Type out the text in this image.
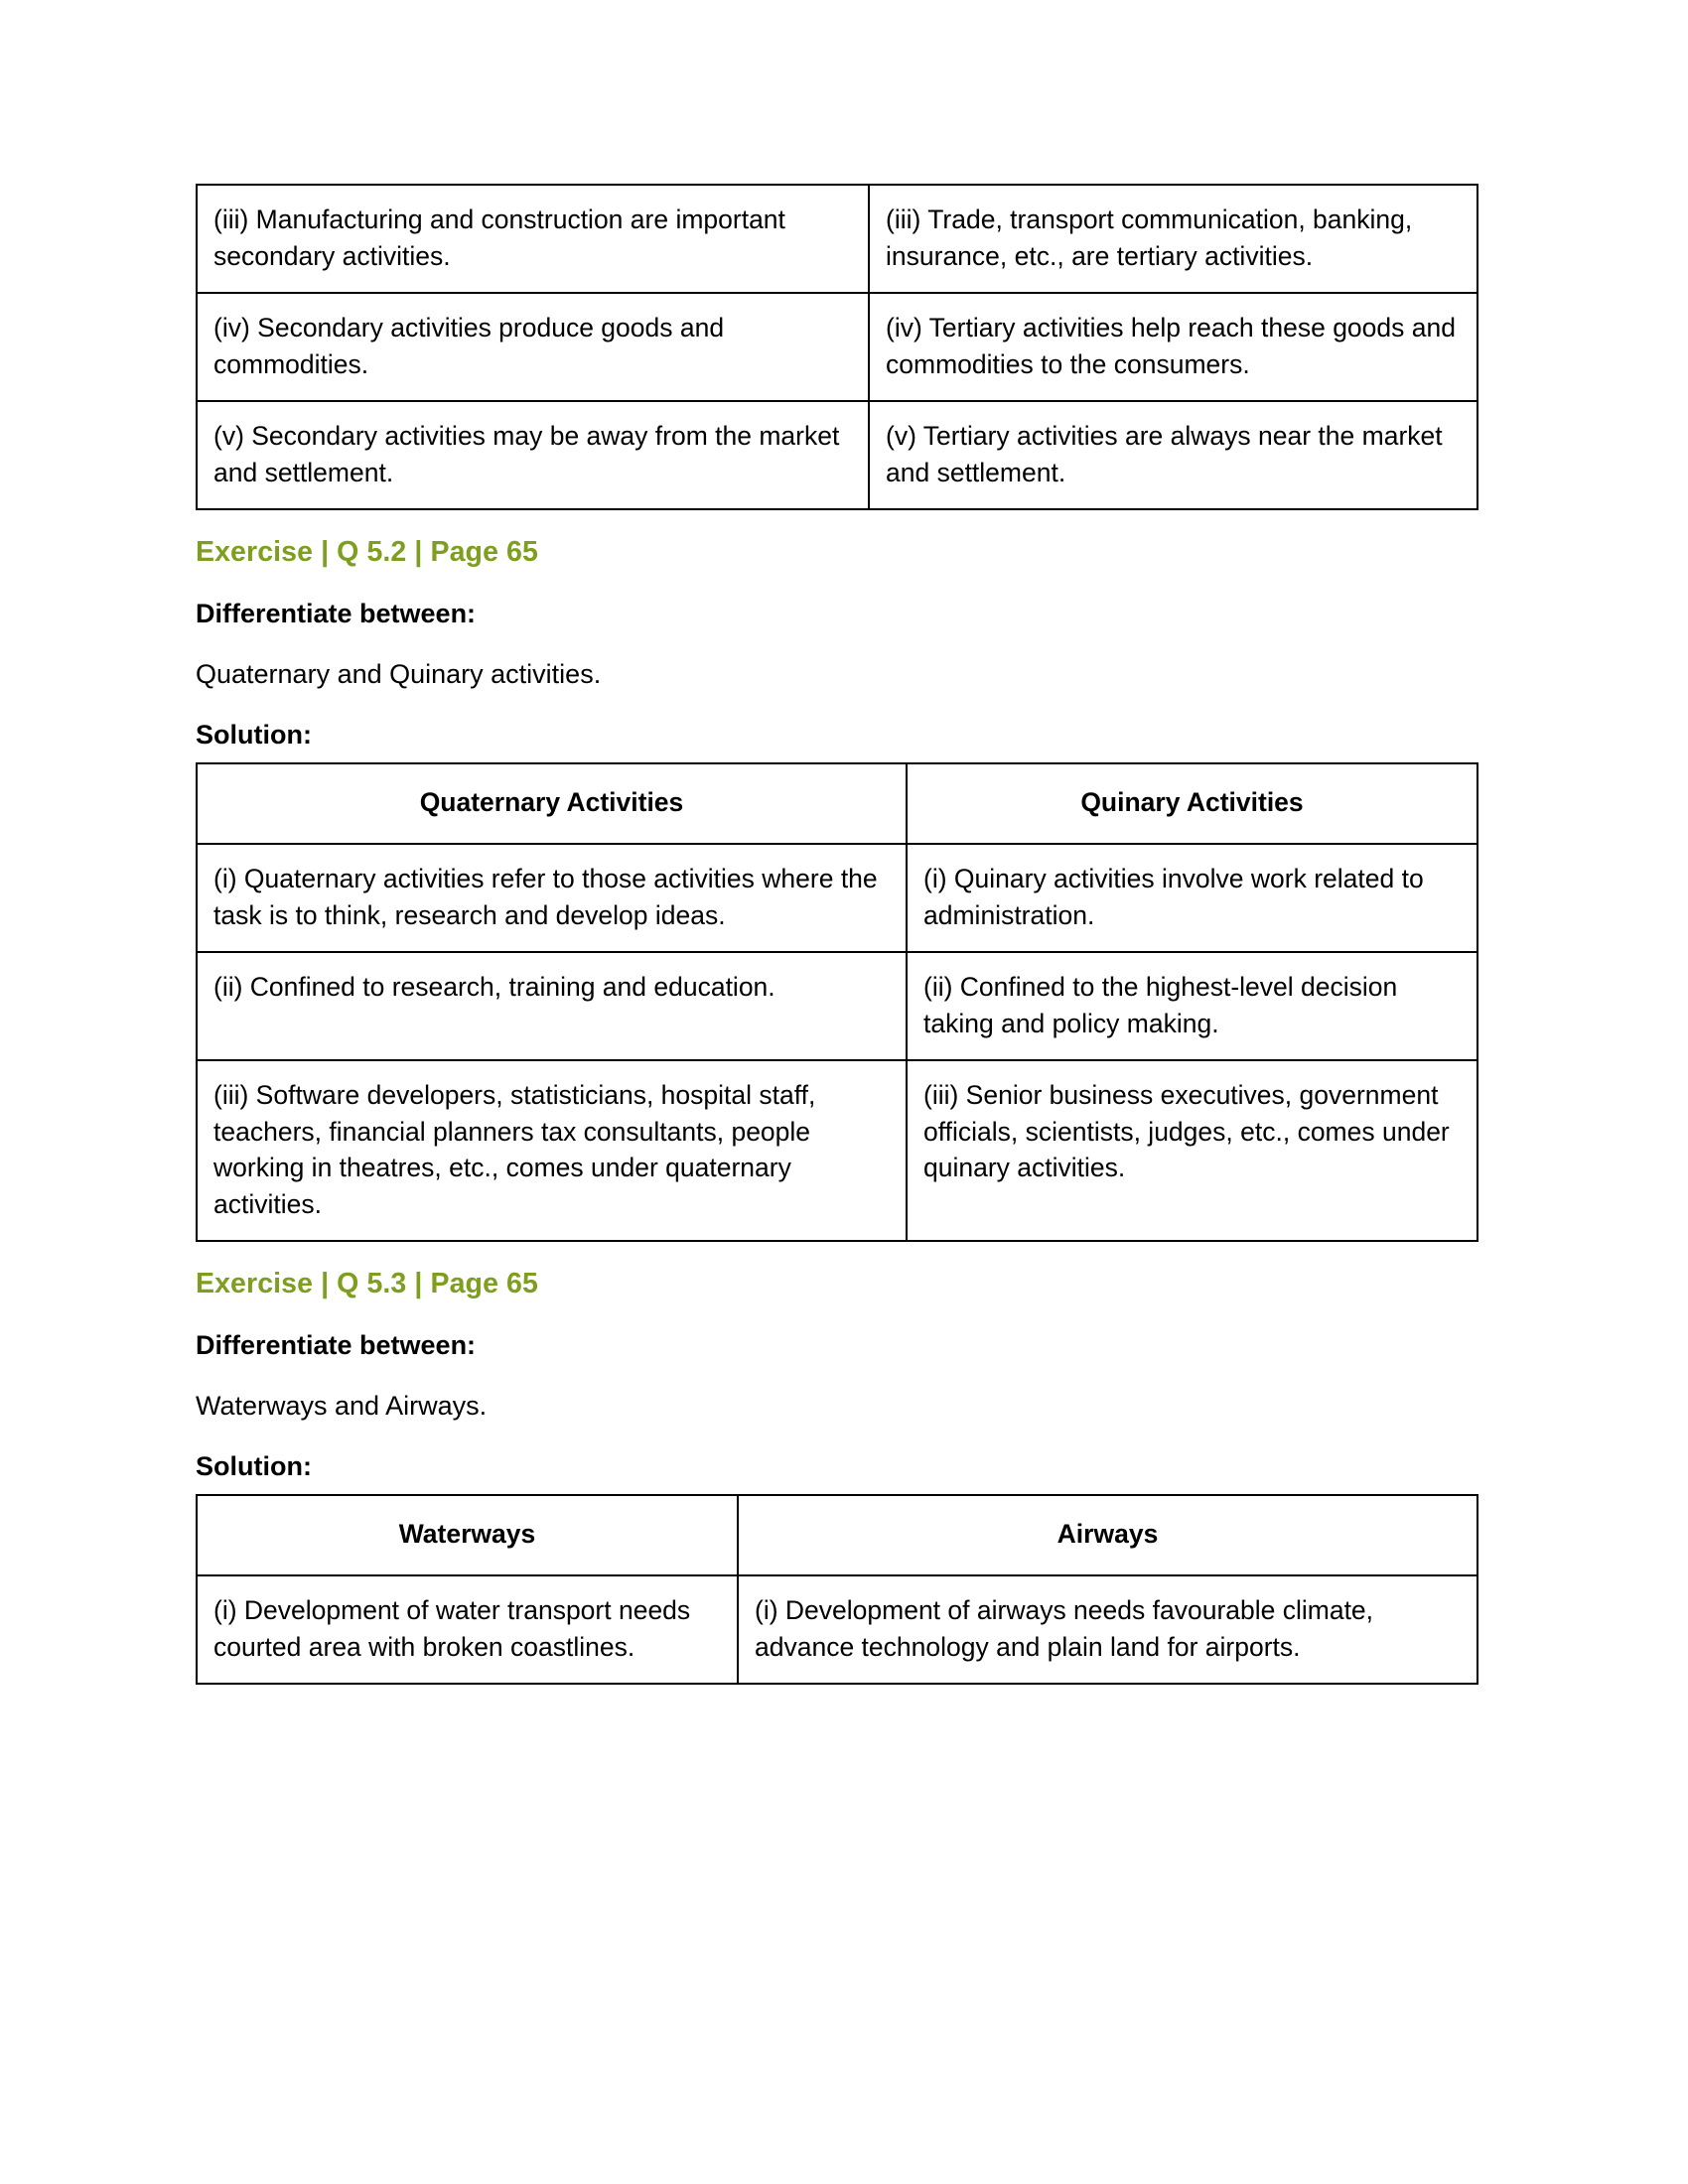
(iii) Manufacturing and construction are important secondary activities.	(iii) Trade, transport communication, banking, insurance, etc., are tertiary activities.
(iv) Secondary activities produce goods and commodities.	(iv) Tertiary activities help reach these goods and commodities to the consumers.
(v) Secondary activities may be away from the market and settlement.	(v) Tertiary activities are always near the market and settlement.
Exercise | Q 5.2 | Page 65
Differentiate between:
Quaternary and Quinary activities.
Solution:
Quaternary Activities	Quinary Activities
(i) Quaternary activities refer to those activities where the task is to think, research and develop ideas.	(i) Quinary activities involve work related to administration.
(ii) Confined to research, training and education.	(ii) Confined to the highest-level decision taking and policy making.
(iii) Software developers, statisticians, hospital staff, teachers, financial planners tax consultants, people working in theatres, etc., comes under quaternary activities.	(iii) Senior business executives, government officials, scientists, judges, etc., comes under quinary activities.
Exercise | Q 5.3 | Page 65
Differentiate between:
Waterways and Airways.
Solution:
Waterways	Airways
(i) Development of water transport needs courted area with broken coastlines.	(i) Development of airways needs favourable climate, advance technology and plain land for airports.
